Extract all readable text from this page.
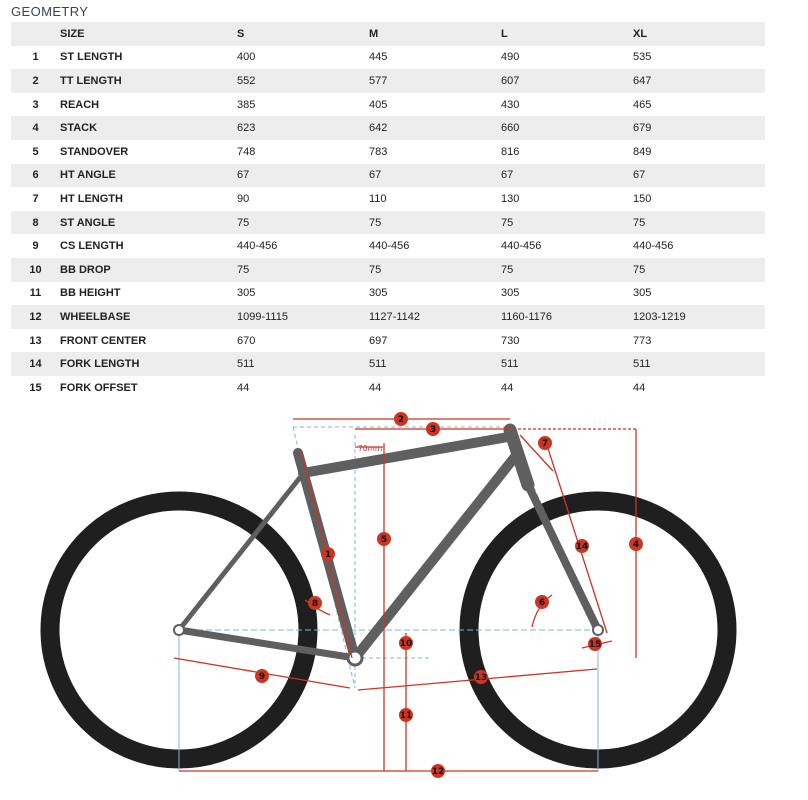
GEOMETRY
	SIZE	S	M	L	XL
1	ST LENGTH	400	445	490	535
2	TT LENGTH	552	577	607	647
3	REACH	385	405	430	465
4	STACK	623	642	660	679
5	STANDOVER	748	783	816	849
6	HT ANGLE	67	67	67	67
7	HT LENGTH	90	110	130	150
8	ST ANGLE	75	75	75	75
9	CS LENGTH	440-456	440-456	440-456	440-456
10	BB DROP	75	75	75	75
11	BB HEIGHT	305	305	305	305
12	WHEELBASE	1099-1115	1127-1142	1160-1176	1203-1219
13	FRONT CENTER	670	697	730	773
14	FORK LENGTH	511	511	511	511
15	FORK OFFSET	44	44	44	44
70mm
1
2
3
4
5
6
7
8
9
10
11
12
13
14
15
